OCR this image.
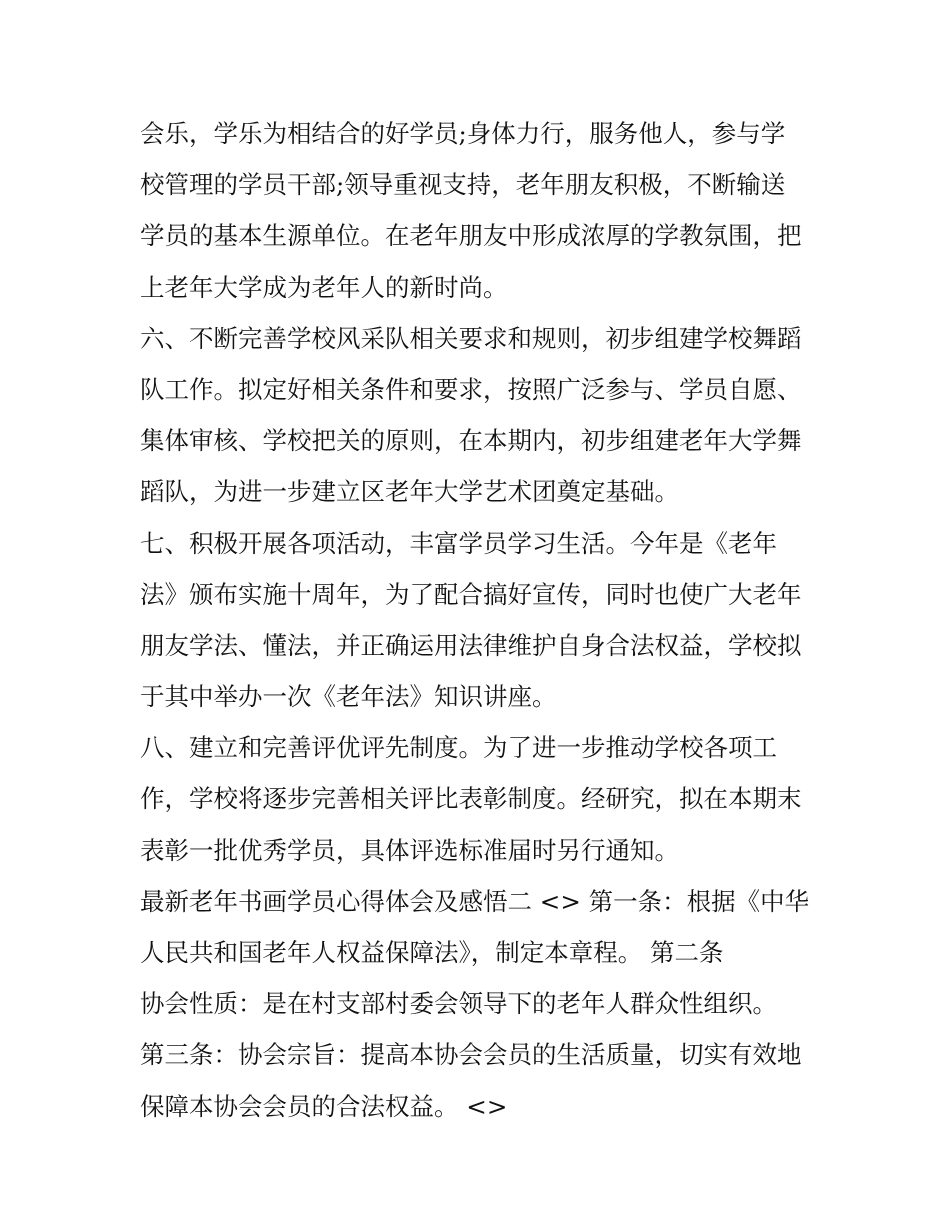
会乐，学乐为相结合的好学员;身体力行，服务他人，参与学
校管理的学员干部;领导重视支持，老年朋友积极，不断输送
学员的基本生源单位。在老年朋友中形成浓厚的学教氛围，把
上老年大学成为老年人的新时尚。
六、不断完善学校风采队相关要求和规则，初步组建学校舞蹈
队工作。拟定好相关条件和要求，按照广泛参与、学员自愿、
集体审核、学校把关的原则，在本期内，初步组建老年大学舞
蹈队，为进一步建立区老年大学艺术团奠定基础。
七、积极开展各项活动，丰富学员学习生活。今年是《老年
法》颁布实施十周年，为了配合搞好宣传，同时也使广大老年
朋友学法、懂法，并正确运用法律维护自身合法权益，学校拟
于其中举办一次《老年法》知识讲座。
八、建立和完善评优评先制度。为了进一步推动学校各项工
作，学校将逐步完善相关评比表彰制度。经研究，拟在本期末
表彰一批优秀学员，具体评选标准届时另行通知。
最新老年书画学员心得体会及感悟二 <> 第一条：根据《中华
人民共和国老年人权益保障法》，制定本章程。 第二条
协会性质：是在村支部村委会领导下的老年人群众性组织。
第三条：协会宗旨：提高本协会会员的生活质量，切实有效地
保障本协会会员的合法权益。 <>
